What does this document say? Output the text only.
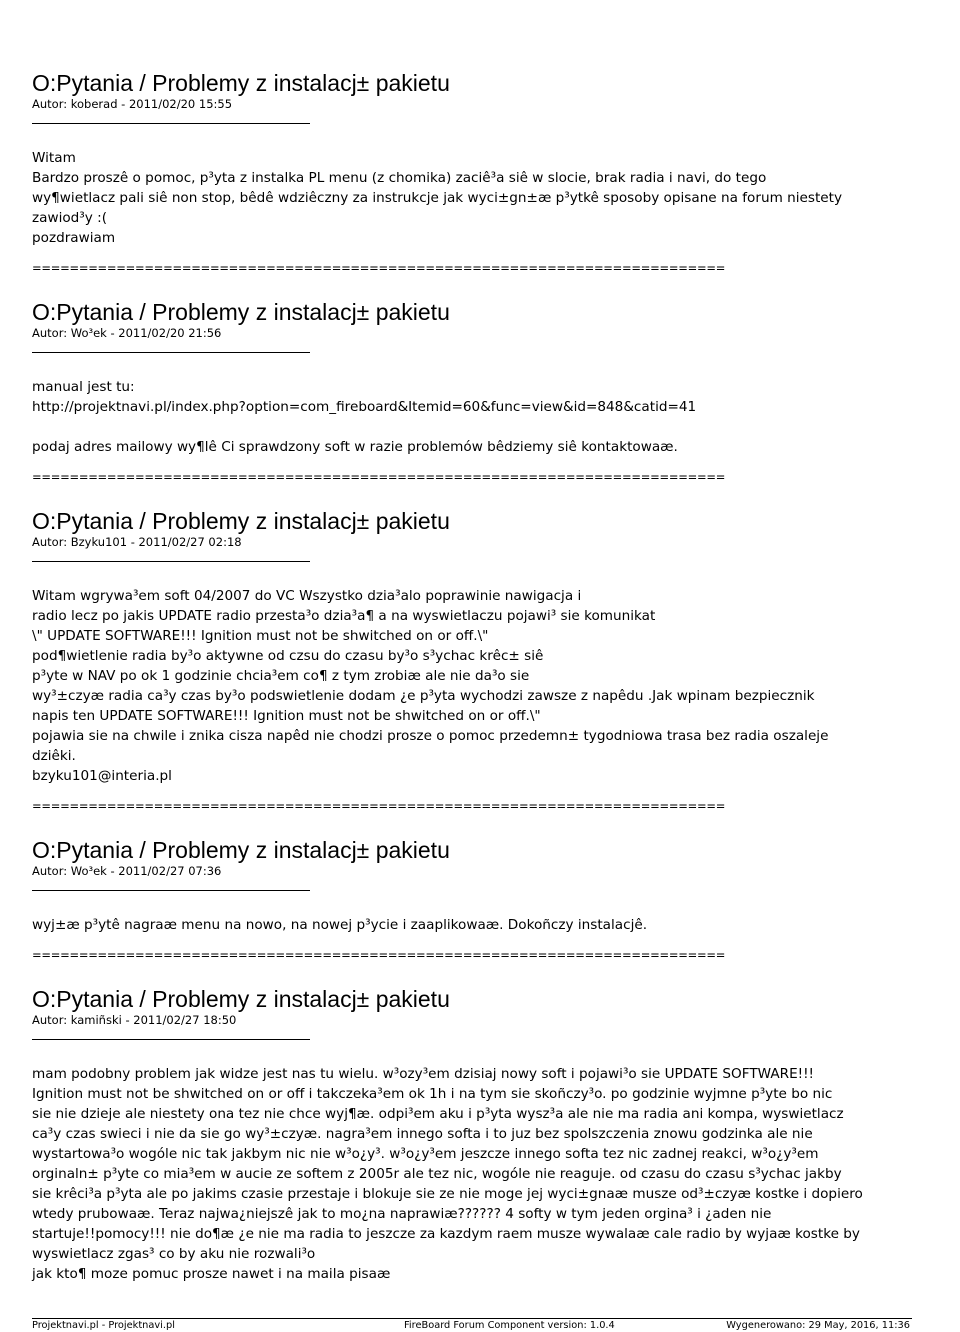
O:Pytania / Problemy z instalacj± pakietu
Autor: koberad - 2011/02/20 15:55
Witam
Bardzo proszê o pomoc, p³yta z instalka PL menu (z chomika) zaciê³a siê w slocie, brak radia i navi, do tego
wy¶wietlacz pali siê non stop, bêdê wdziêczny za instrukcje jak wyci±gn±æ p³ytkê sposoby opisane na forum niestety
zawiod³y :(
pozdrawiam
==========================================================================
O:Pytania / Problemy z instalacj± pakietu
Autor: Wo³ek - 2011/02/20 21:56
manual jest tu:
http://projektnavi.pl/index.php?option=com_fireboard&Itemid=60&func=view&id=848&catid=41
podaj adres mailowy wy¶lê Ci sprawdzony soft w razie problemów bêdziemy siê kontaktowaæ.
==========================================================================
O:Pytania / Problemy z instalacj± pakietu
Autor: Bzyku101 - 2011/02/27 02:18
Witam wgrywa³em soft 04/2007 do VC Wszystko dzia³alo poprawinie nawigacja i
radio lecz po jakis UPDATE radio przesta³o dzia³a¶ a na wyswietlaczu pojawi³ sie komunikat
\" UPDATE SOFTWARE!!! Ignition must not be shwitched on or off.\"
pod¶wietlenie radia by³o aktywne od czsu do czasu by³o s³ychac krêc± siê
p³yte w NAV po ok 1 godzinie chcia³em co¶ z tym zrobiæ ale nie da³o sie
wy³±czyæ radia ca³y czas by³o podswietlenie dodam ¿e p³yta wychodzi zawsze z napêdu .Jak wpinam bezpiecznik
napis ten UPDATE SOFTWARE!!! Ignition must not be shwitched on or off.\"
pojawia sie na chwile i znika cisza napêd nie chodzi prosze o pomoc przedemn± tygodniowa trasa bez radia oszaleje
dziêki.
bzyku101@interia.pl
==========================================================================
O:Pytania / Problemy z instalacj± pakietu
Autor: Wo³ek - 2011/02/27 07:36
wyj±æ p³ytê nagraæ menu na nowo, na nowej p³ycie i zaaplikowaæ. Dokoñczy instalacjê.
==========================================================================
O:Pytania / Problemy z instalacj± pakietu
Autor: kamiñski - 2011/02/27 18:50
mam podobny problem jak widze jest nas tu wielu. w³ozy³em dzisiaj nowy soft i pojawi³o sie UPDATE SOFTWARE!!!
Ignition must not be shwitched on or off i takczeka³em ok 1h i na tym sie skoñczy³o. po godzinie wyjmne p³yte bo nic
sie nie dzieje ale niestety ona tez nie chce wyj¶æ. odpi³em aku i p³yta wysz³a ale nie ma radia ani kompa, wyswietlacz
ca³y czas swieci i nie da sie go wy³±czyæ. nagra³em innego softa i to juz bez spolszczenia znowu godzinka ale nie
wystartowa³o wogóle nic tak jakbym nic nie w³o¿y³. w³o¿y³em jeszcze innego softa tez nic zadnej reakci, w³o¿y³em
orginaln± p³yte co mia³em w aucie ze softem z 2005r ale tez nic, wogóle nie reaguje. od czasu do czasu s³ychac jakby
sie krêci³a p³yta ale po jakims czasie przestaje i blokuje sie ze nie moge jej wyci±gnaæ musze od³±czyæ kostke i dopiero
wtedy prubowaæ. Teraz najwa¿niejszê jak to mo¿na naprawiæ?????? 4 softy w tym jeden orgina³ i ¿aden nie
startuje!!pomocy!!! nie do¶æ ¿e nie ma radia to jeszcze za kazdym raem musze wywalaæ cale radio by wyjaæ kostke by
wyswietlacz zgas³ co by aku nie rozwali³o
jak kto¶ moze pomuc prosze nawet i na maila pisaæ
Projektnavi.pl - Projektnavi.pl	FireBoard Forum Component version: 1.0.4	Wygenerowano: 29 May, 2016, 11:36
